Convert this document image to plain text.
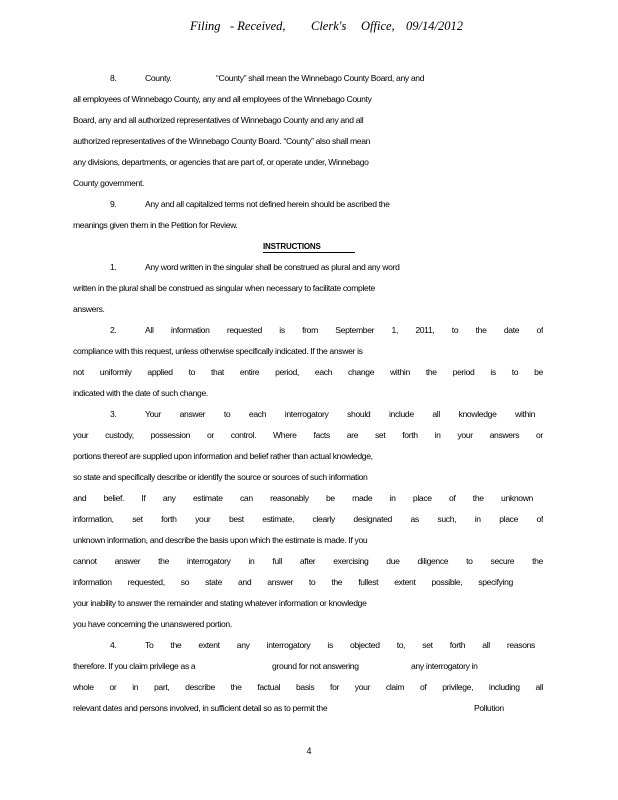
Filing - Received, Clerk's Office, 09/14/2012
8.	County.	“County” shall mean the Winnebago County Board, any and
all employees of Winnebago County, any and all employees of the Winnebago County
Board, any and all authorized representatives of Winnebago County and any and all
authorized representatives of the Winnebago County Board. “County” also shall mean
any divisions, departments, or agencies that are part of, or operate under, Winnebago
County government.
9.	Any and all capitalized terms not defined herein should be ascribed the
meanings given them in the Petition for Review.
INSTRUCTIONS
1.	Any word written in the singular shall be construed as plural and any word
written in the plural shall be construed as singular when necessary to facilitate complete
answers.
2.	All information requested is from September 1, 2011, to the date of
compliance with this request, unless otherwise specifically indicated. If the answer is
not uniformly applied to that entire period, each change within the period is to be
indicated with the date of such change.
3.	Your answer to each interrogatory should include all knowledge within
your custody, possession or control. Where facts are set forth in your answers or
portions thereof are supplied upon information and belief rather than actual knowledge,
so state and specifically describe or identify the source or sources of such information
and belief. If any estimate can reasonably be made in place of the unknown
information, set forth your best estimate, clearly designated as such, in place of
unknown information, and describe the basis upon which the estimate is made. If you
cannot answer the interrogatory in full after exercising due diligence to secure the
information requested, so state and answer to the fullest extent possible, specifying
your inability to answer the remainder and stating whatever information or knowledge
you have concerning the unanswered portion.
4.	To the extent any interrogatory is objected to, set forth all reasons
therefore. If you claim privilege as a	ground for not answering	any interrogatory in
whole or in part, describe the factual basis for your claim of privilege, including all
relevant dates and persons involved, in sufficient detail so as to permit the	Pollution
4
